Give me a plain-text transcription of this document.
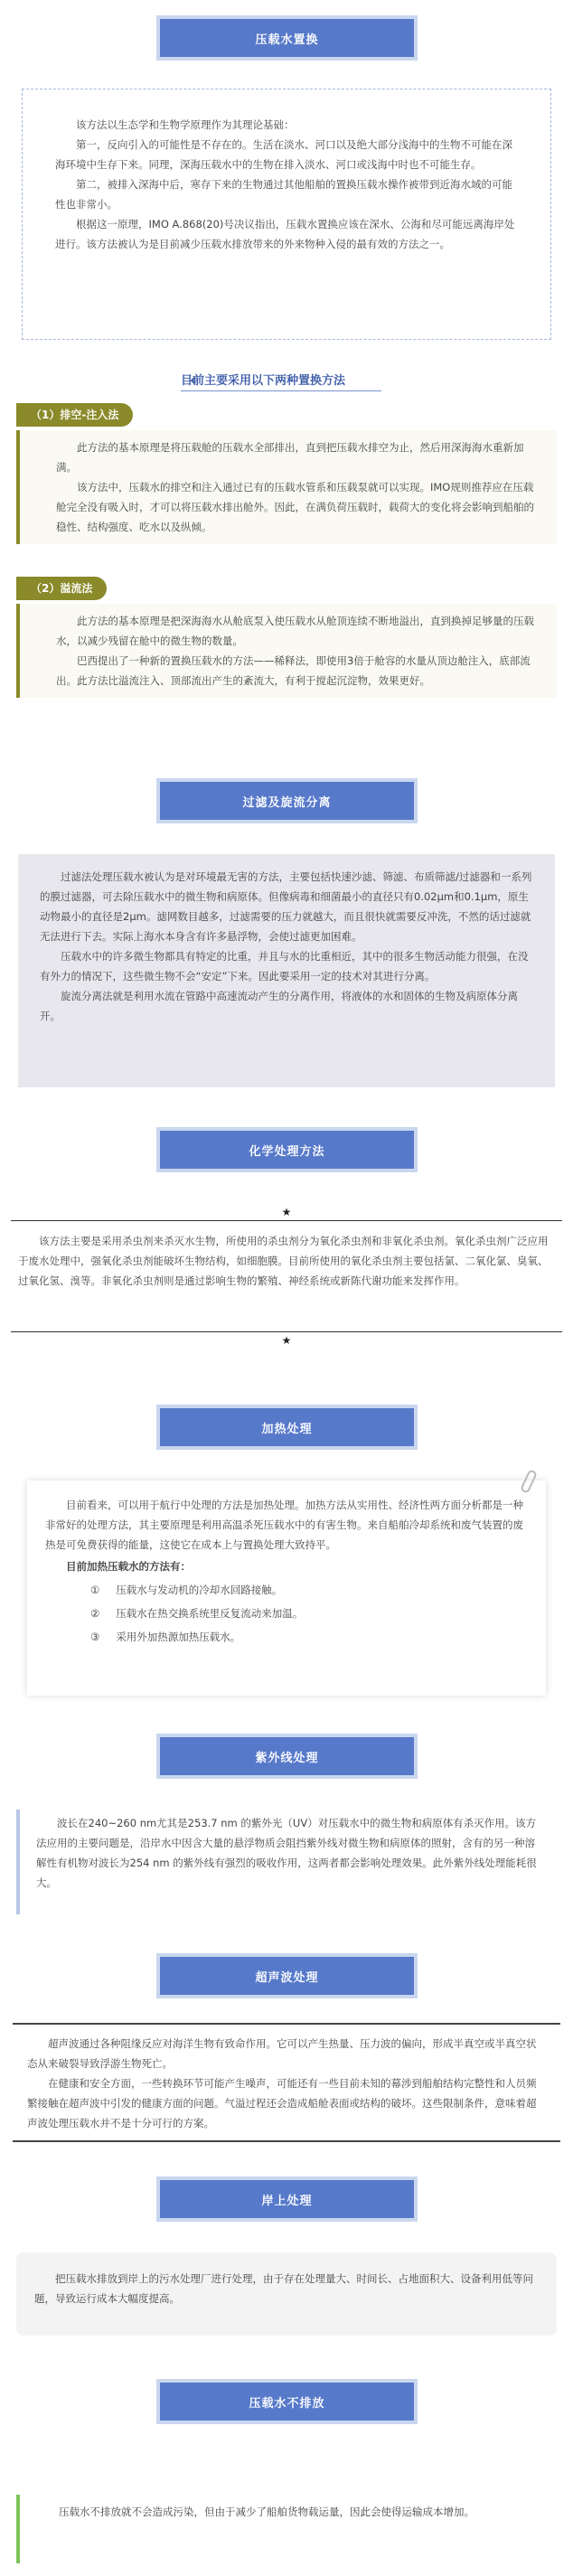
压载水置换

该方法以生态学和生物学原理作为其理论基础：

第一，反向引入的可能性是不存在的。生活在淡水、河口以及绝大部分浅海中的生物不可能在深海环境中生存下来。同理，深海压载水中的生物在排入淡水、河口或浅海中时也不可能生存。

第二，被排入深海中后，寒存下来的生物通过其他船舶的置换压载水操作被带到近海水域的可能性也非常小。

根据这一原理，IMO A.868(20)号决议指出，压载水置换应该在深水、公海和尽可能远离海岸处进行。该方法被认为是目前减少压载水排放带来的外来物种入侵的最有效的方法之一。

目前主要采用以下两种置换方法
（1）排空-注入法

此方法的基本原理是将压载舱的压载水全部排出，直到把压载水排空为止，然后用深海海水重新加满。

该方法中，压载水的排空和注入通过已有的压载水管系和压载泵就可以实现。IMO规则推荐应在压载舱完全没有吸入时，才可以将压载水排出舱外。因此，在满负荷压载时，载荷大的变化将会影响到船舶的稳性、结构强度、吃水以及纵倾。

（2）溢流法

此方法的基本原理是把深海海水从舱底泵入使压载水从舱顶连续不断地溢出，直到换掉足够量的压载水，以减少残留在舱中的微生物的数量。

巴西提出了一种新的置换压载水的方法——稀释法，即使用3倍于舱容的水量从顶边舱注入，底部流出。此方法比溢流注入、顶部流出产生的紊流大，有利于搅起沉淀物，效果更好。

过滤及旋流分离

过滤法处理压载水被认为是对环境最无害的方法，主要包括快速沙滤、筛滤、布质筛滤/过滤器和一系列的膜过滤器，可去除压载水中的微生物和病原体。但像病毒和细菌最小的直径只有0.02μm和0.1μm，原生动物最小的直径是2μm。滤网数目越多，过滤需要的压力就越大，而且很快就需要反冲洗，不然的话过滤就无法进行下去。实际上海水本身含有许多悬浮物，会使过滤更加困难。

压载水中的许多微生物都具有特定的比重，并且与水的比重相近，其中的很多生物活动能力很强，在没有外力的情况下，这些微生物不会“安定”下来。因此要采用一定的技术对其进行分离。

旋流分离法就是利用水流在管路中高速流动产生的分离作用，将液体的水和固体的生物及病原体分离开。

化学处理方法
★

该方法主要是采用杀虫剂来杀灭水生物，所使用的杀虫剂分为氧化杀虫剂和非氧化杀虫剂。氧化杀虫剂广泛应用于废水处理中，强氧化杀虫剂能破坏生物结构，如细胞膜。目前所使用的氧化杀虫剂主要包括氯、二氧化氯、臭氧、过氧化氢、溴等。非氧化杀虫剂则是通过影响生物的繁殖、神经系统或新陈代谢功能来发挥作用。

★
加热处理

目前看来，可以用于航行中处理的方法是加热处理。加热方法从实用性、经济性两方面分析都是一种非常好的处理方法，其主要原理是利用高温杀死压载水中的有害生物。来自船舶冷却系统和废气装置的废热是可免费获得的能量，这使它在成本上与置换处理大致持平。

目前加热压载水的方法有：
① 压载水与发动机的冷却水回路接触。
② 压载水在热交换系统里反复流动来加温。
③ 采用外加热源加热压载水。
紫外线处理

波长在240~260 nm尤其是253.7 nm 的紫外光（UV）对压载水中的微生物和病原体有杀灭作用。该方法应用的主要问题是，沿岸水中因含大量的悬浮物质会阻挡紫外线对微生物和病原体的照射，含有的另一种溶解性有机物对波长为254 nm 的紫外线有强烈的吸收作用，这两者都会影响处理效果。此外紫外线处理能耗很大。

超声波处理

超声波通过各种阻缘反应对海洋生物有致命作用。它可以产生热量、压力波的偏向，形成半真空或半真空状态从来破裂导致浮游生物死亡。

在健康和安全方面，一些转换环节可能产生噪声，可能还有一些目前未知的幕涉到船舶结构完整性和人员频繁接触在超声波中引发的健康方面的问题。气溢过程还会造成船舱表面或结构的破坏。这些限制条件，意味着超声波处理压载水并不是十分可行的方案。

岸上处理

把压载水排放到岸上的污水处理厂进行处理，由于存在处理量大、时间长、占地面积大、设备利用低等问题，导致运行成本大幅度提高。

压载水不排放

压载水不排放就不会造成污染，但由于减少了船舶货物载运量，因此会使得运输成本增加。
